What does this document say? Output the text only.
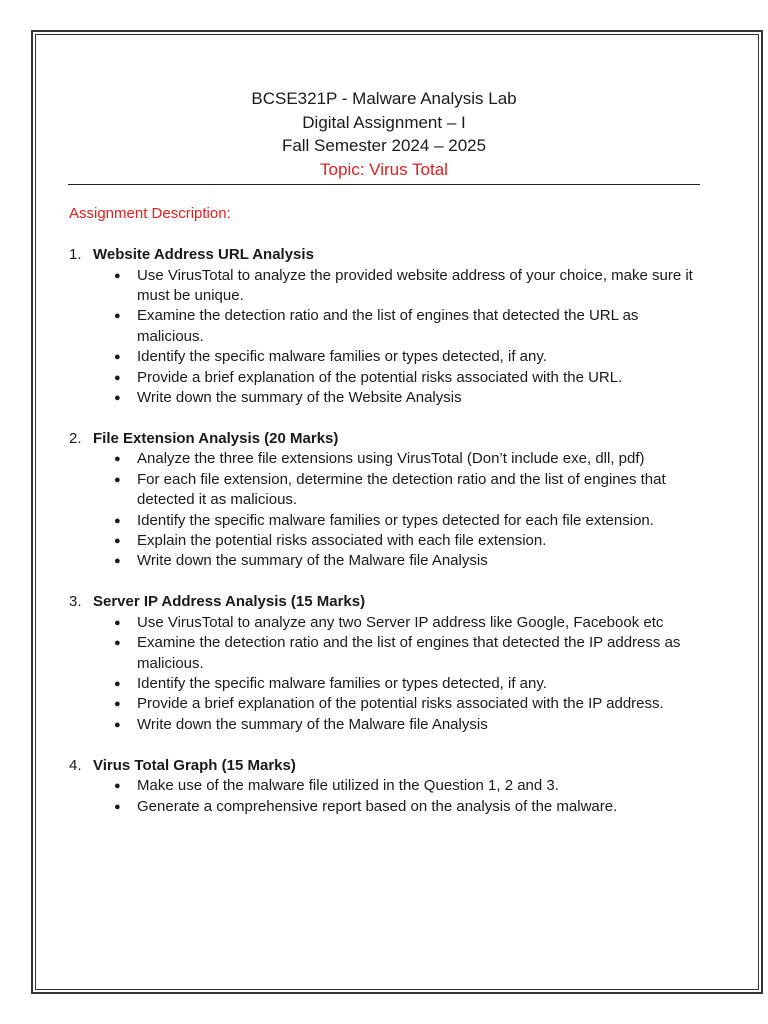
BCSE321P - Malware Analysis Lab
Digital Assignment – I
Fall Semester 2024 – 2025
Topic: Virus Total
Assignment Description:
1. Website Address URL Analysis
●	Use VirusTotal to analyze the provided website address of your choice, make sure it must be unique.
●	Examine the detection ratio and the list of engines that detected the URL as malicious.
●	Identify the specific malware families or types detected, if any.
●	Provide a brief explanation of the potential risks associated with the URL.
●	Write down the summary of the Website Analysis
2. File Extension Analysis (20 Marks)
●	Analyze the three file extensions using VirusTotal (Don’t include exe, dll, pdf)
●	For each file extension, determine the detection ratio and the list of engines that detected it as malicious.
●	Identify the specific malware families or types detected for each file extension.
●	Explain the potential risks associated with each file extension.
●	Write down the summary of the Malware file Analysis
3. Server IP Address Analysis (15 Marks)
●	Use VirusTotal to analyze any two Server IP address like Google, Facebook etc
●	Examine the detection ratio and the list of engines that detected the IP address as malicious.
●	Identify the specific malware families or types detected, if any.
●	Provide a brief explanation of the potential risks associated with the IP address.
●	Write down the summary of the Malware file Analysis
4. Virus Total Graph (15 Marks)
●	Make use of the malware file utilized in the Question 1, 2 and 3.
●	Generate a comprehensive report based on the analysis of the malware.
